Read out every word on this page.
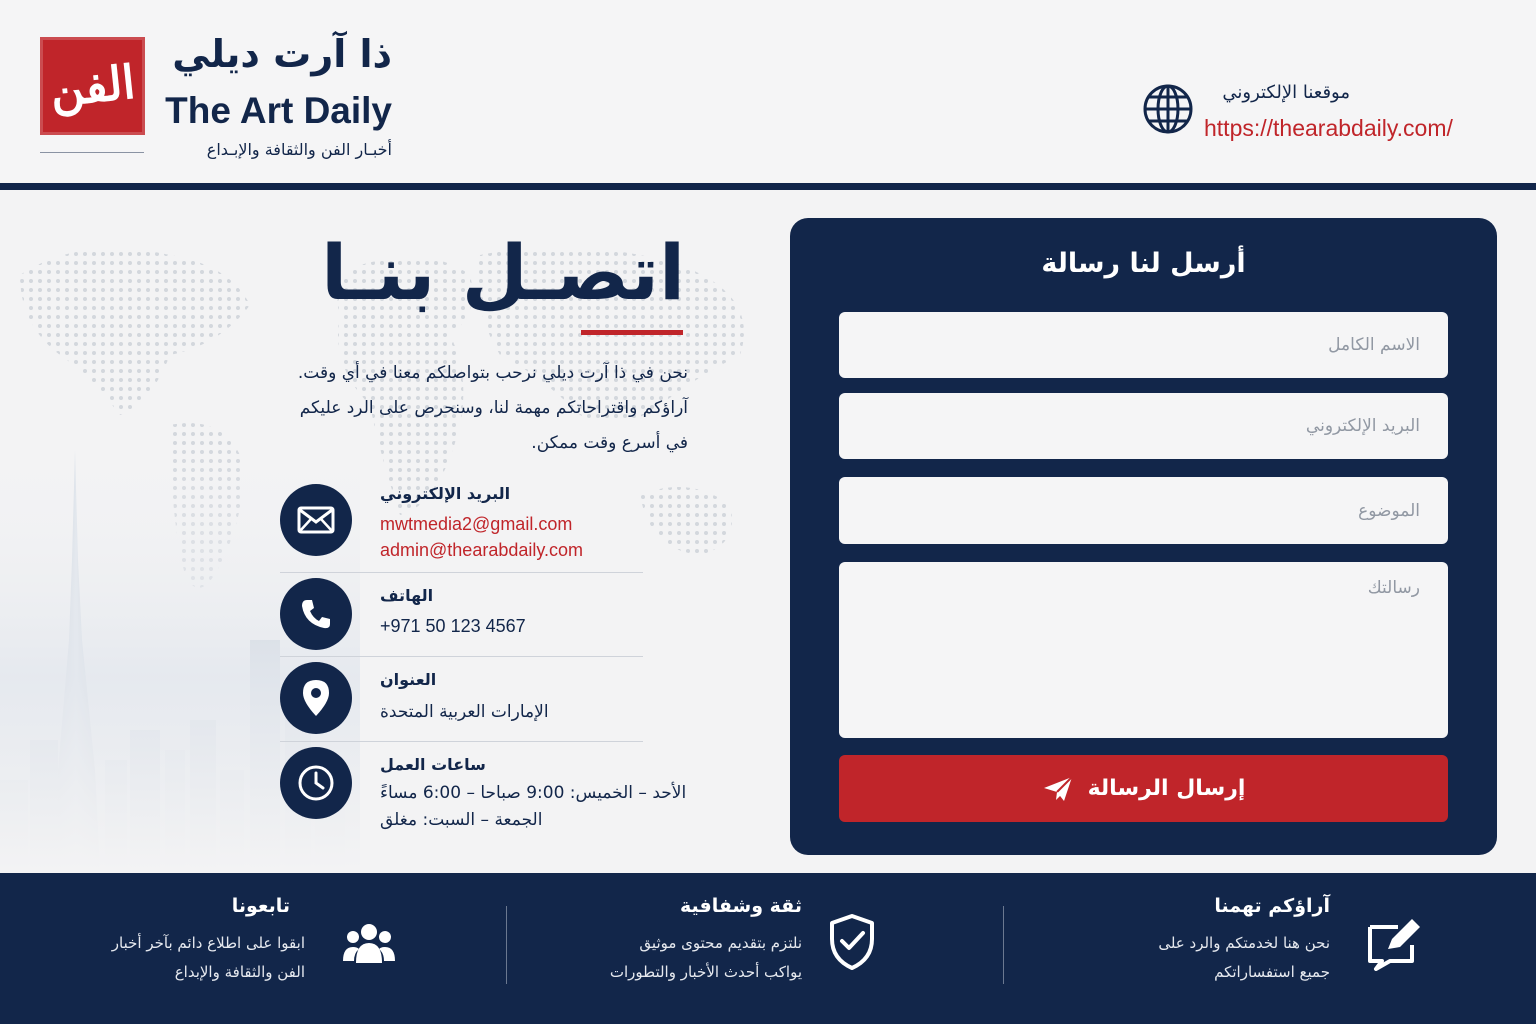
الفن
ذا آرت ديلي
The Art Daily
أخبـار الفن والثقافة والإبـداع
موقعنا الإلكتروني
https://thearabdaily.com/
اتصـل بنـا
نحن في ذا آرت ديلي نرحب بتواصلكم معنا في أي وقت.
آراؤكم واقتراحاتكم مهمة لنا، وسنحرص على الرد عليكم
في أسرع وقت ممكن.
البريد الإلكتروني
mwtmedia2@gmail.com
admin@thearabdaily.com
الهاتف
+971 50 123 4567
العنوان
الإمارات العربية المتحدة
ساعات العمل
الأحد – الخميس: 9:00 صباحا – 6:00 مساءً
الجمعة – السبت: مغلق
أرسل لنا رسالة
الاسم الكامل
البريد الإلكتروني
الموضوع
رسالتك
إرسال الرسالة
آراؤكم تهمنا
نحن هنا لخدمتكم والرد على
جميع استفساراتكم
ثقة وشفافية
نلتزم بتقديم محتوى موثيق
يواكب أحدث الأخبار والتطورات
تابعونا
ابقوا على اطلاع دائم بآخر أخبار
الفن والثقافة والإبداع
